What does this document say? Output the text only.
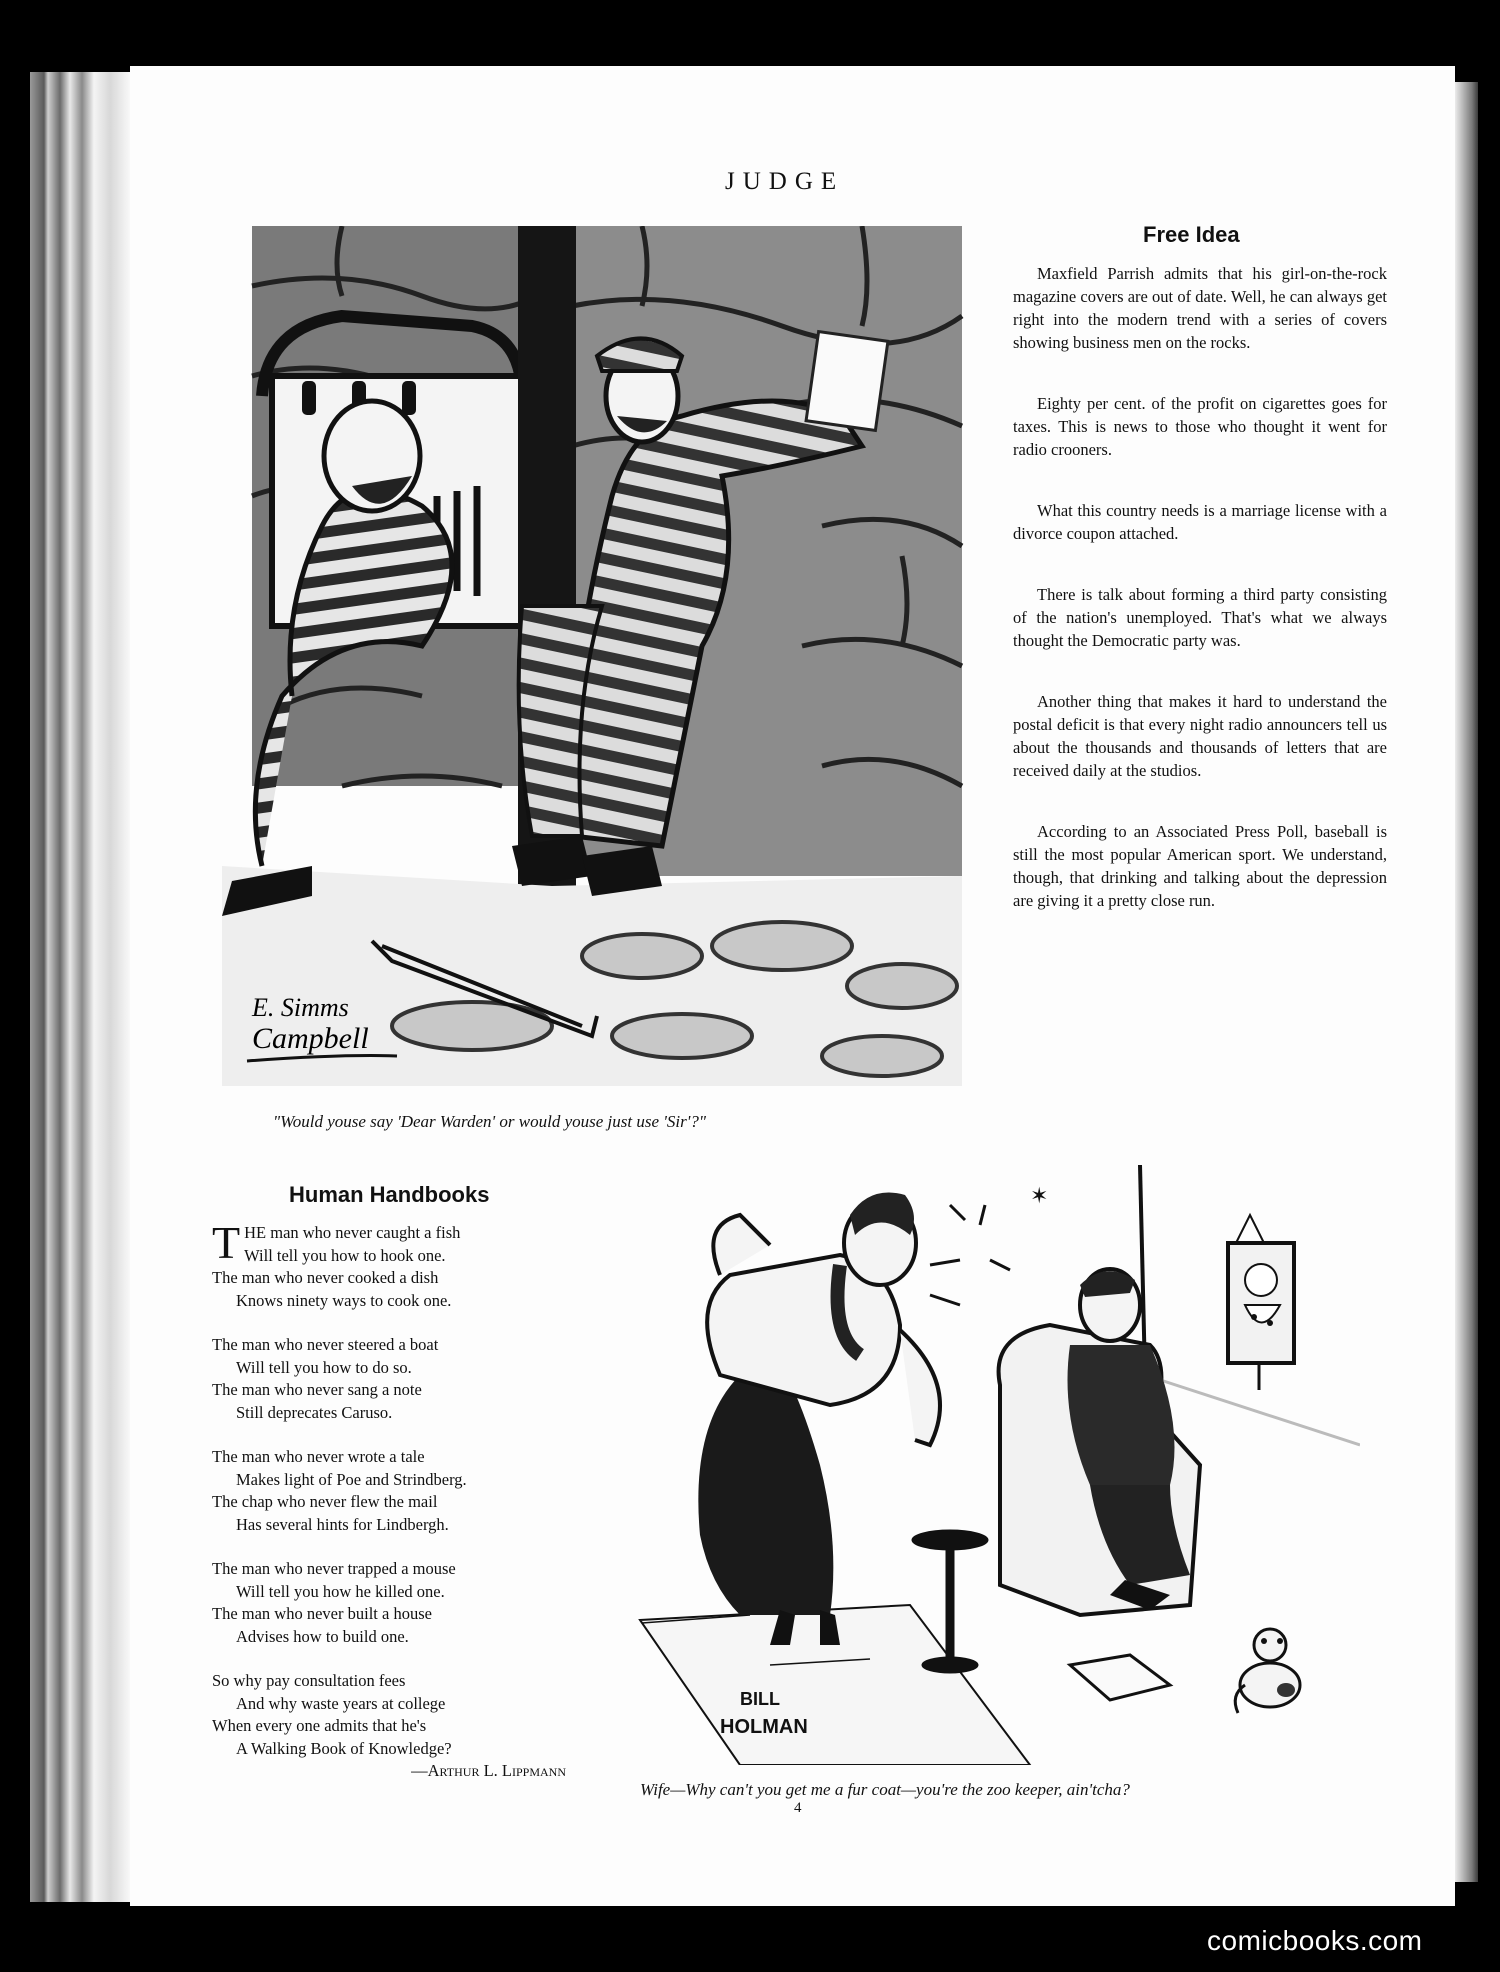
JUDGE
E. Simms
Campbell
"Would youse say 'Dear Warden' or would youse just use 'Sir'?"
Free Idea

Maxfield Parrish admits that his girl-on-the-rock magazine covers are out of date. Well, he can always get right into the modern trend with a series of covers showing business men on the rocks.

Eighty per cent. of the profit on cigarettes goes for taxes. This is news to those who thought it went for radio crooners.

What this country needs is a marriage license with a divorce coupon attached.

There is talk about forming a third party consisting of the nation's unemployed. That's what we always thought the Democratic party was.

Another thing that makes it hard to understand the postal deficit is that every night radio announcers tell us about the thousands and thousands of letters that are received daily at the studios.

According to an Associated Press Poll, baseball is still the most popular American sport. We understand, though, that drinking and talking about the depression are giving it a pretty close run.

Human Handbooks
T HE man who never caught a fish
Will tell you how to hook one.
The man who never cooked a dish
Knows ninety ways to cook one.
The man who never steered a boat
Will tell you how to do so.
The man who never sang a note
Still deprecates Caruso.
The man who never wrote a tale
Makes light of Poe and Strindberg.
The chap who never flew the mail
Has several hints for Lindbergh.
The man who never trapped a mouse
Will tell you how he killed one.
The man who never built a house
Advises how to build one.
So why pay consultation fees
And why waste years at college
When every one admits that he's
A Walking Book of Knowledge?
—Arthur L. Lippmann
✶
BILL
HOLMAN
Wife—Why can't you get me a fur coat—you're the zoo keeper, ain'tcha?
4
comicbooks.com
